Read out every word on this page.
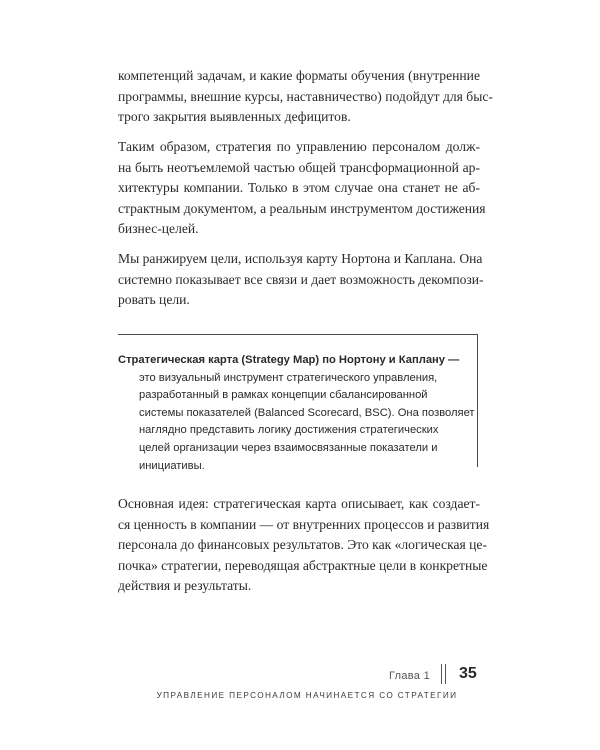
компетенций задачам, и какие форматы обучения (внутренние
программы, внешние курсы, наставничество) подойдут для быс-
трого закрытия выявленных дефицитов.

Таким образом, стратегия по управлению персоналом долж-
на быть неотъемлемой частью общей трансформационной ар-
хитектуры компании. Только в этом случае она станет не аб-
страктным документом, а реальным инструментом достижения
бизнес-целей.

Мы ранжируем цели, используя карту Нортона и Каплана. Она
системно показывает все связи и дает возможность декомпози-
ровать цели.

Стратегическая карта (Strategy Map) по Нортону и Каплану —
это визуальный инструмент стратегического управления,
разработанный в рамках концепции сбалансированной
системы показателей (Balanced Scorecard, BSC). Она позволяет
наглядно представить логику достижения стратегических
целей организации через взаимосвязанные показатели и
инициативы.

Основная идея: стратегическая карта описывает, как создает-
ся ценность в компании — от внутренних процессов и развития
персонала до финансовых результатов. Это как «логическая це-
почка» стратегии, переводящая абстрактные цели в конкретные
действия и результаты.

Глава 1 35
УПРАВЛЕНИЕ ПЕРСОНАЛОМ НАЧИНАЕТСЯ СО СТРАТЕГИИ
